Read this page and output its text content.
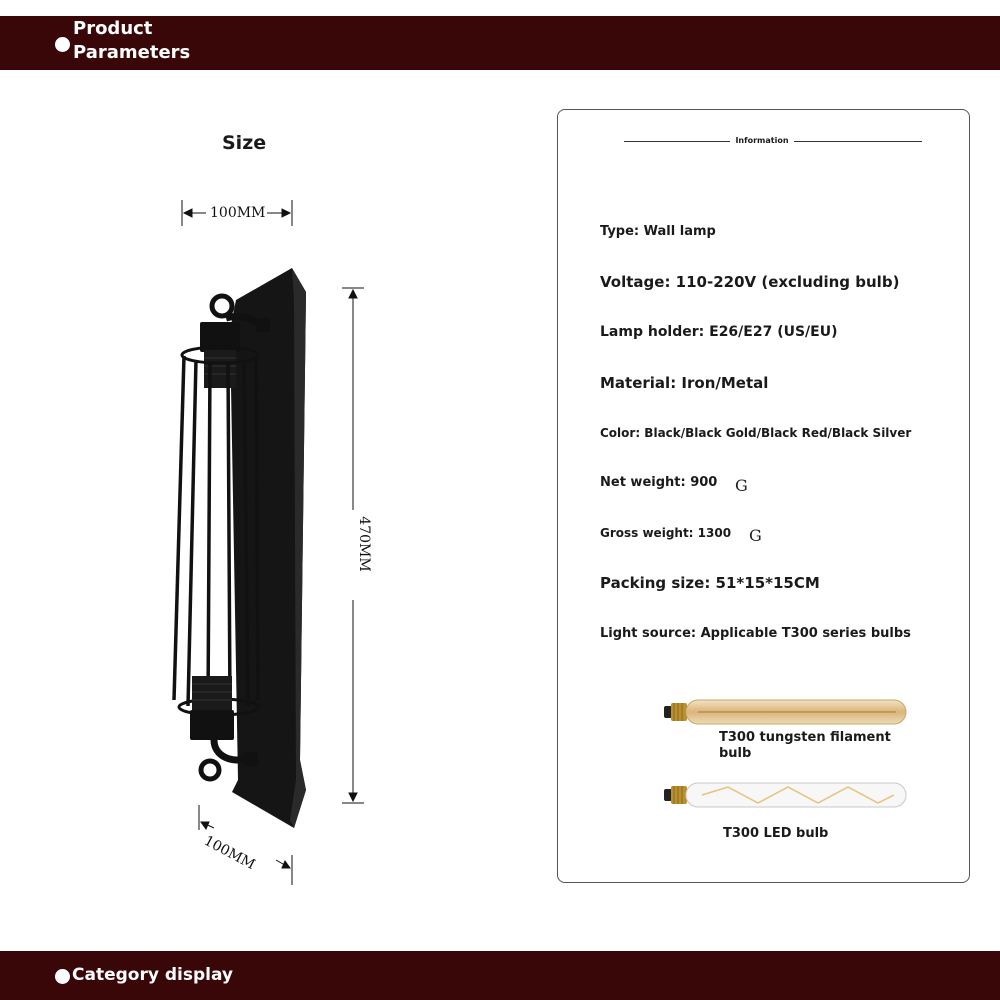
Product Parameters
Size
100MM
470MM
100MM
Information
Type: Wall lamp
Voltage: 110-220V (excluding bulb)
Lamp holder: E26/E27 (US/EU)
Material: Iron/Metal
Color: Black/Black Gold/Black Red/Black Silver
Net weight: 900 G
Gross weight: 1300 G
Packing size: 51*15*15CM
Light source: Applicable T300 series bulbs
T300 tungsten filament bulb
T300 LED bulb
Category display
